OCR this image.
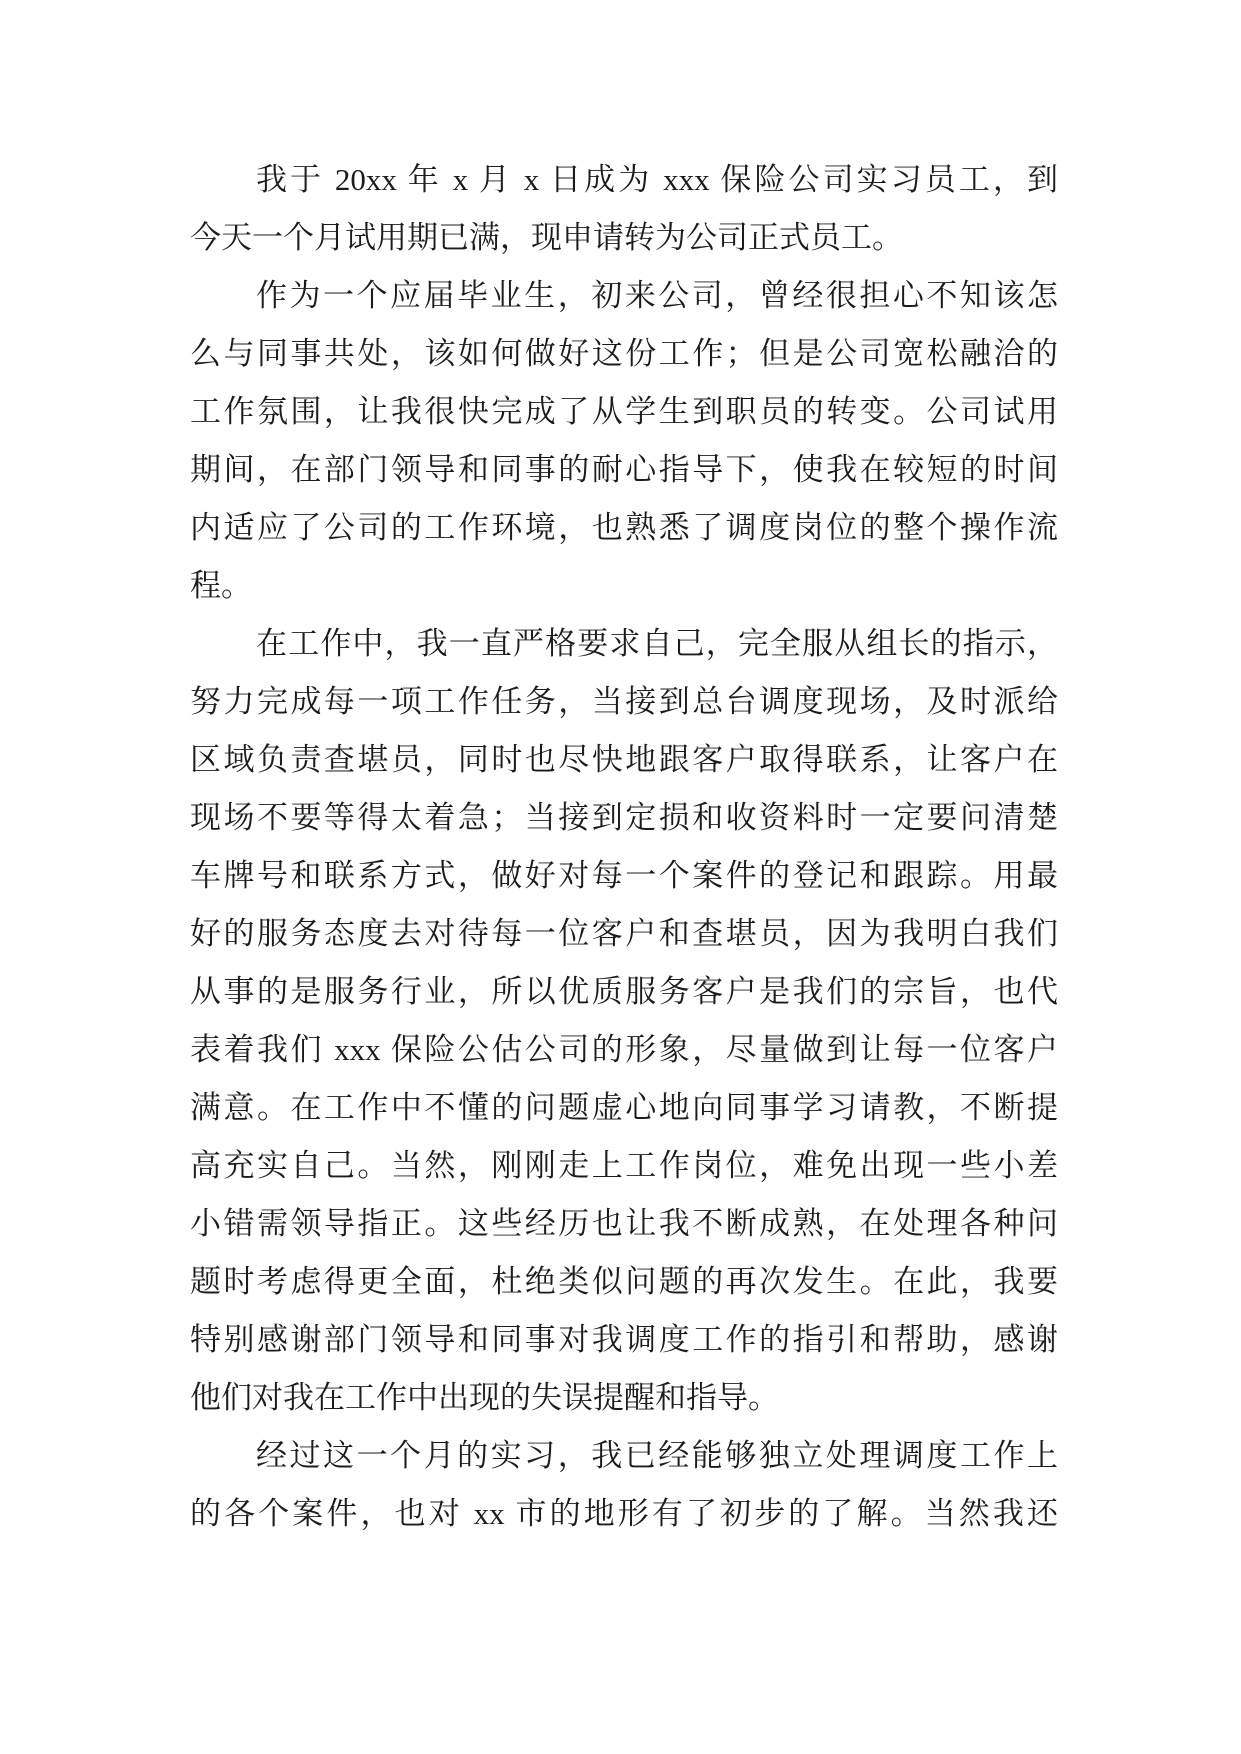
我于 20xx 年 x 月 x 日成为 xxx 保险公司实习员工，到
今天一个月试用期已满，现申请转为公司正式员工。

作为一个应届毕业生，初来公司，曾经很担心不知该怎
么与同事共处，该如何做好这份工作；但是公司宽松融洽的
工作氛围，让我很快完成了从学生到职员的转变。公司试用
期间，在部门领导和同事的耐心指导下，使我在较短的时间
内适应了公司的工作环境，也熟悉了调度岗位的整个操作流
程。

在工作中，我一直严格要求自己，完全服从组长的指示，
努力完成每一项工作任务，当接到总台调度现场，及时派给
区域负责查堪员，同时也尽快地跟客户取得联系，让客户在
现场不要等得太着急；当接到定损和收资料时一定要问清楚
车牌号和联系方式，做好对每一个案件的登记和跟踪。用最
好的服务态度去对待每一位客户和查堪员，因为我明白我们
从事的是服务行业，所以优质服务客户是我们的宗旨，也代
表着我们 xxx 保险公估公司的形象，尽量做到让每一位客户
满意。在工作中不懂的问题虚心地向同事学习请教，不断提
高充实自己。当然，刚刚走上工作岗位，难免出现一些小差
小错需领导指正。这些经历也让我不断成熟，在处理各种问
题时考虑得更全面，杜绝类似问题的再次发生。在此，我要
特别感谢部门领导和同事对我调度工作的指引和帮助，感谢
他们对我在工作中出现的失误提醒和指导。

经过这一个月的实习，我已经能够独立处理调度工作上
的各个案件，也对 xx 市的地形有了初步的了解。当然我还
